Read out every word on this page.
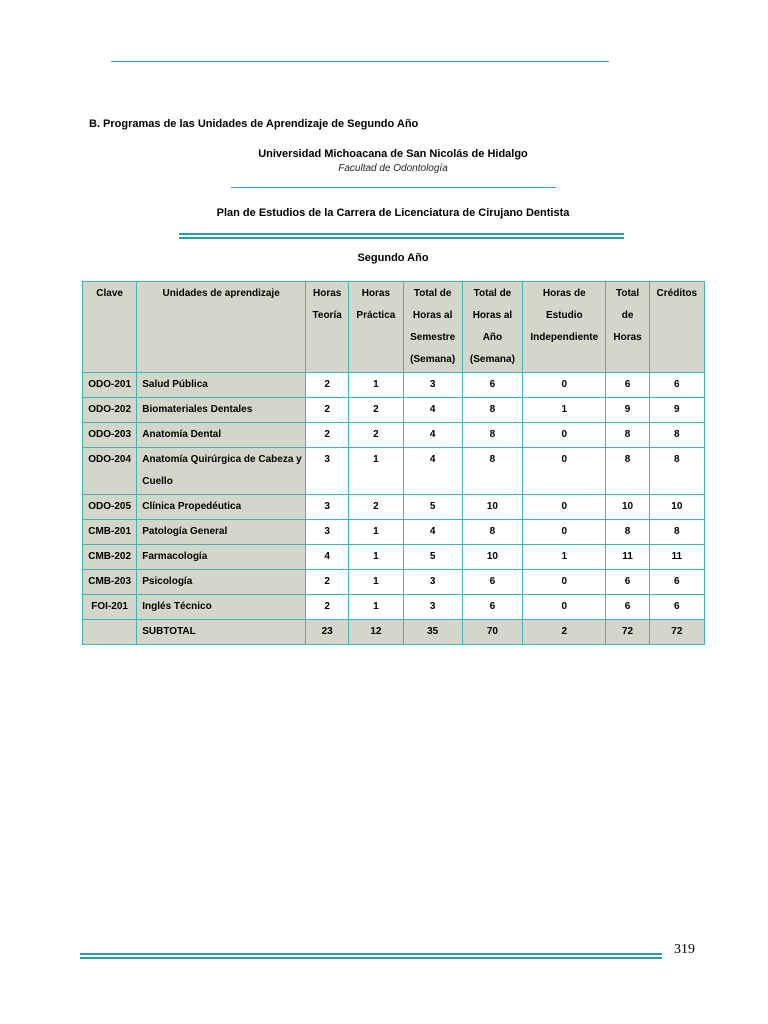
B. Programas de las Unidades de Aprendizaje de Segundo Año
Universidad Michoacana de San Nicolás de Hidalgo
Facultad de Odontología
Plan de Estudios de la Carrera de Licenciatura de Cirujano Dentista
Segundo Año
Clave	Unidades de aprendizaje	Horas Teoría	Horas Práctica	Total de Horas al Semestre (Semana)	Total de Horas al Año (Semana)	Horas de Estudio Independiente	Total de Horas	Créditos
ODO-201	Salud Pública	2	1	3	6	0	6	6
ODO-202	Biomateriales Dentales	2	2	4	8	1	9	9
ODO-203	Anatomía Dental	2	2	4	8	0	8	8
ODO-204	Anatomía Quirúrgica de Cabeza y Cuello	3	1	4	8	0	8	8
ODO-205	Clínica Propedéutica	3	2	5	10	0	10	10
CMB-201	Patología General	3	1	4	8	0	8	8
CMB-202	Farmacología	4	1	5	10	1	11	11
CMB-203	Psicología	2	1	3	6	0	6	6
FOI-201	Inglés Técnico	2	1	3	6	0	6	6
	SUBTOTAL	23	12	35	70	2	72	72
319
